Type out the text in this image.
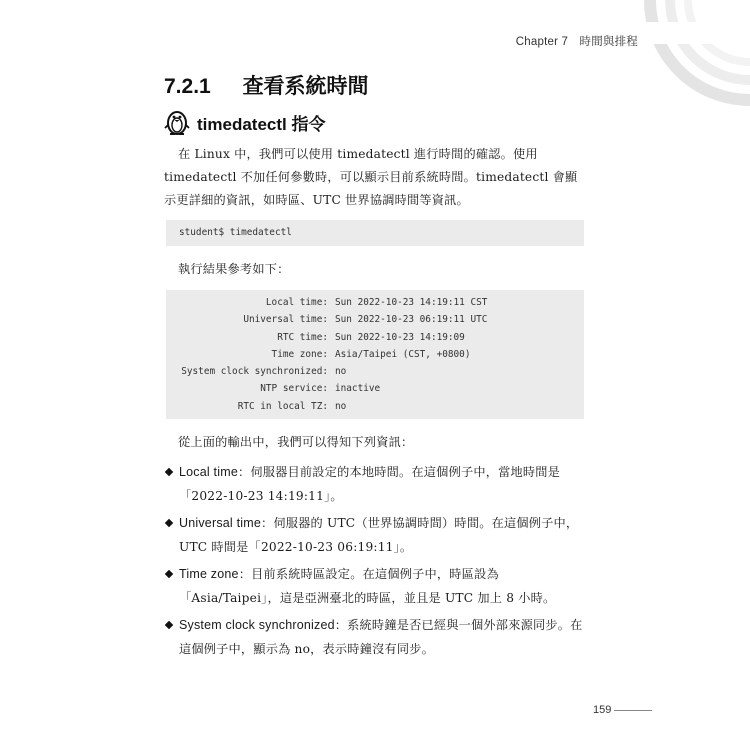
Chapter 7 時間與排程
7.2.1 查看系統時間
timedatectl 指令
在 Linux 中，我們可以使用 timedatectl 進行時間的確認。使用 timedatectl 不加任何參數時，可以顯示目前系統時間。timedatectl 會顯示更詳細的資訊，如時區、UTC 世界協調時間等資訊。
student$ timedatectl
執行結果參考如下：
Local time: Sun 2022-10-23 14:19:11 CST
Universal time: Sun 2022-10-23 06:19:11 UTC
RTC time: Sun 2022-10-23 14:19:09
Time zone: Asia/Taipei (CST, +0800)
System clock synchronized: no
NTP service: inactive
RTC in local TZ: no
從上面的輸出中，我們可以得知下列資訊：
Local time：伺服器目前設定的本地時間。在這個例子中，當地時間是「2022-10-23 14:19:11」。
Universal time：伺服器的 UTC（世界協調時間）時間。在這個例子中，UTC 時間是「2022-10-23 06:19:11」。
Time zone：目前系統時區設定。在這個例子中，時區設為「Asia/Taipei」，這是亞洲臺北的時區，並且是 UTC 加上 8 小時。
System clock synchronized：系統時鐘是否已經與一個外部來源同步。在這個例子中，顯示為 no，表示時鐘沒有同步。
159
